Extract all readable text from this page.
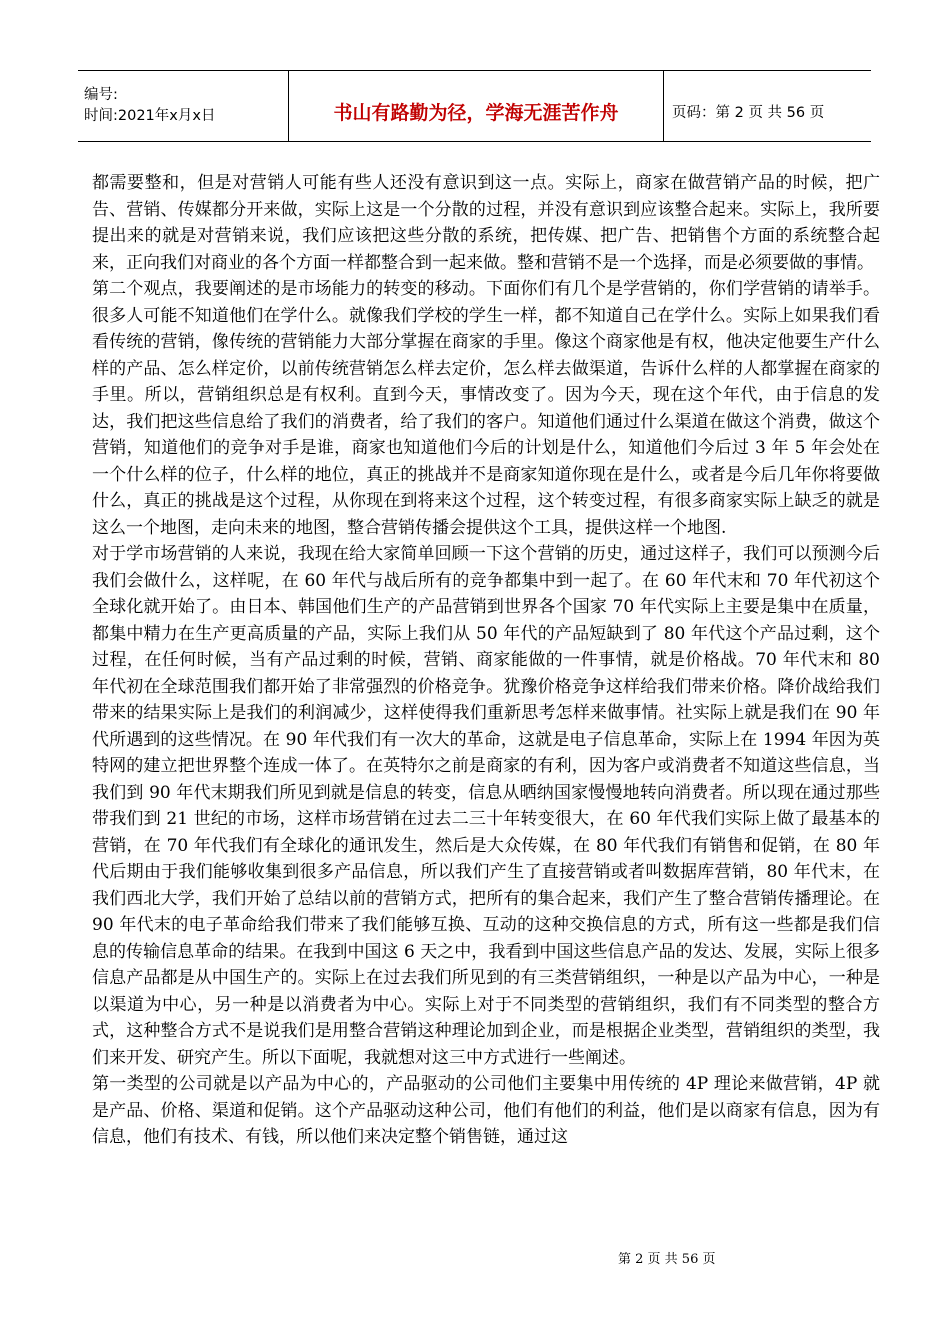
编号:
时间:2021年x月x日	书山有路勤为径，学海无涯苦作舟	页码：第 2 页 共 56 页

都需要整和，但是对营销人可能有些人还没有意识到这一点。实际上，商家在做营销产品的时候，把广告、营销、传媒都分开来做，实际上这是一个分散的过程，并没有意识到应该整合起来。实际上，我所要提出来的就是对营销来说，我们应该把这些分散的系统，把传媒、把广告、把销售个方面的系统整合起来，正向我们对商业的各个方面一样都整合到一起来做。整和营销不是一个选择，而是必须要做的事情。

第二个观点，我要阐述的是市场能力的转变的移动。下面你们有几个是学营销的，你们学营销的请举手。很多人可能不知道他们在学什么。就像我们学校的学生一样，都不知道自己在学什么。实际上如果我们看看传统的营销，像传统的营销能力大部分掌握在商家的手里。像这个商家他是有权，他决定他要生产什么样的产品、怎么样定价，以前传统营销怎么样去定价，怎么样去做渠道，告诉什么样的人都掌握在商家的手里。所以，营销组织总是有权利。直到今天，事情改变了。因为今天，现在这个年代，由于信息的发达，我们把这些信息给了我们的消费者，给了我们的客户。知道他们通过什么渠道在做这个消费，做这个营销，知道他们的竞争对手是谁，商家也知道他们今后的计划是什么，知道他们今后过 3 年 5 年会处在一个什么样的位子，什么样的地位，真正的挑战并不是商家知道你现在是什么，或者是今后几年你将要做什么，真正的挑战是这个过程，从你现在到将来这个过程，这个转变过程，有很多商家实际上缺乏的就是这么一个地图，走向未来的地图，整合营销传播会提供这个工具，提供这样一个地图.

对于学市场营销的人来说，我现在给大家简单回顾一下这个营销的历史，通过这样子，我们可以预测今后我们会做什么，这样呢，在 60 年代与战后所有的竞争都集中到一起了。在 60 年代末和 70 年代初这个全球化就开始了。由日本、韩国他们生产的产品营销到世界各个国家 70 年代实际上主要是集中在质量，都集中精力在生产更高质量的产品，实际上我们从 50 年代的产品短缺到了 80 年代这个产品过剩，这个过程，在任何时候，当有产品过剩的时候，营销、商家能做的一件事情，就是价格战。70 年代末和 80 年代初在全球范围我们都开始了非常强烈的价格竞争。犹豫价格竞争这样给我们带来价格。降价战给我们带来的结果实际上是我们的利润减少，这样使得我们重新思考怎样来做事情。社实际上就是我们在 90 年代所遇到的这些情况。在 90 年代我们有一次大的革命，这就是电子信息革命，实际上在 1994 年因为英特网的建立把世界整个连成一体了。在英特尔之前是商家的有利，因为客户或消费者不知道这些信息，当我们到 90 年代末期我们所见到就是信息的转变，信息从晒纳国家慢慢地转向消费者。所以现在通过那些带我们到 21 世纪的市场，这样市场营销在过去二三十年转变很大，在 60 年代我们实际上做了最基本的营销，在 70 年代我们有全球化的通讯发生，然后是大众传媒，在 80 年代我们有销售和促销，在 80 年代后期由于我们能够收集到很多产品信息，所以我们产生了直接营销或者叫数据库营销，80 年代末，在我们西北大学，我们开始了总结以前的营销方式，把所有的集合起来，我们产生了整合营销传播理论。在 90 年代末的电子革命给我们带来了我们能够互换、互动的这种交换信息的方式，所有这一些都是我们信息的传输信息革命的结果。在我到中国这 6 天之中，我看到中国这些信息产品的发达、发展，实际上很多信息产品都是从中国生产的。实际上在过去我们所见到的有三类营销组织，一种是以产品为中心，一种是以渠道为中心，另一种是以消费者为中心。实际上对于不同类型的营销组织，我们有不同类型的整合方式，这种整合方式不是说我们是用整合营销这种理论加到企业，而是根据企业类型，营销组织的类型，我们来开发、研究产生。所以下面呢，我就想对这三中方式进行一些阐述。

第一类型的公司就是以产品为中心的，产品驱动的公司他们主要集中用传统的 4P 理论来做营销，4P 就是产品、价格、渠道和促销。这个产品驱动这种公司，他们有他们的利益，他们是以商家有信息，因为有信息，他们有技术、有钱，所以他们来决定整个销售链，通过这

第 2 页 共 56 页
